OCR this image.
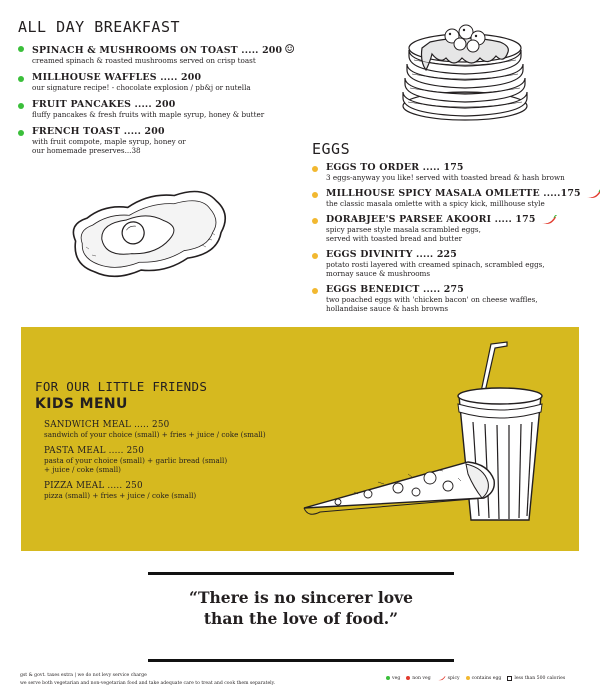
ALL DAY BREAKFAST
SPINACH & MUSHROOMS ON TOAST ..... 200 ☺︎
creamed spinach & roasted mushrooms served on crisp toast
MILLHOUSE WAFFLES ..... 200
our signature recipe! - chocolate explosion / pb&j or nutella
FRUIT PANCAKES ..... 200
fluffy pancakes & fresh fruits with maple syrup, honey & butter
FRENCH TOAST ..... 200
with fruit compote, maple syrup, honey or
our homemade preserves...38	EGGS
EGGS TO ORDER ..... 175
3 eggs-anyway you like! served with toasted bread & hash brown
MILLHOUSE SPICY MASALA OMLETTE .....175
the classic masala omlette with a spicy kick, millhouse style
DORABJEE'S PARSEE AKOORI ..... 175
spicy parsee style masala scrambled eggs,
served with toasted bread and butter
EGGS DIVINITY ..... 225
potato rosti layered with creamed spinach, scrambled eggs,
mornay sauce & mushrooms
EGGS BENEDICT ..... 275
two poached eggs with 'chicken bacon' on cheese waffles,
hollandaise sauce & hash browns
FOR OUR LITTLE FRIENDS
KIDS MENU
SANDWICH MEAL ..... 250
sandwich of your choice (small) + fries + juice / coke (small)
PASTA MEAL ..... 250
pasta of your choice (small) + garlic bread (small)
+ juice / coke (small)
PIZZA MEAL ..... 250
pizza (small) + fries + juice / coke (small)
“There is no sincerer love
than the love of food.”
gst & govt. taxes extra | we do not levy service charge
we serve both vegetarian and non-vegetarian food and take adequate care to treat and cook them separately.
veg	non veg	spicy	contains egg	less than 500 calories
